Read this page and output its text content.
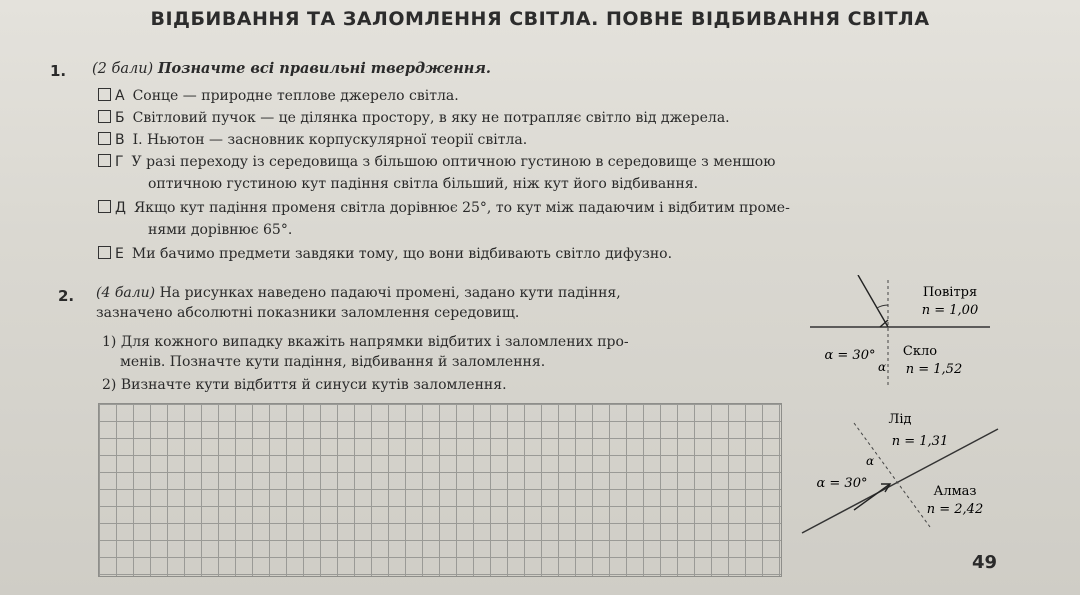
ВІДБИВАННЯ ТА ЗАЛОМЛЕННЯ СВІТЛА. ПОВНЕ ВІДБИВАННЯ СВІТЛА
1. (2 бали) Позначте всі правильні твердження.
А Сонце — природне теплове джерело світла.
Б Світловий пучок — це ділянка простору, в яку не потрапляє світло від джерела.
В І. Ньютон — засновник корпускулярної теорії світла.
Г У разі переходу із середовища з більшою оптичною густиною в середовище з меншою
оптичною густиною кут падіння світла більший, ніж кут його відбивання.
Д Якщо кут падіння променя світла дорівнює 25°, то кут між падаючим і відбитим проме-
нями дорівнює 65°.
Е Ми бачимо предмети завдяки тому, що вони відбивають світло дифузно.
2. (4 бали) На рисунках наведено падаючі промені, задано кути падіння,
зазначено абсолютні показники заломлення середовищ.
1) Для кожного випадку вкажіть напрямки відбитих і заломлених про-
менів. Позначте кути падіння, відбивання й заломлення.
2) Визначте кути відбиття й синуси кутів заломлення.
Повітря
n = 1,00
Скло
n = 1,52
α = 30°
α
Лід
n = 1,31
α
α = 30°
Алмаз
n = 2,42
49
